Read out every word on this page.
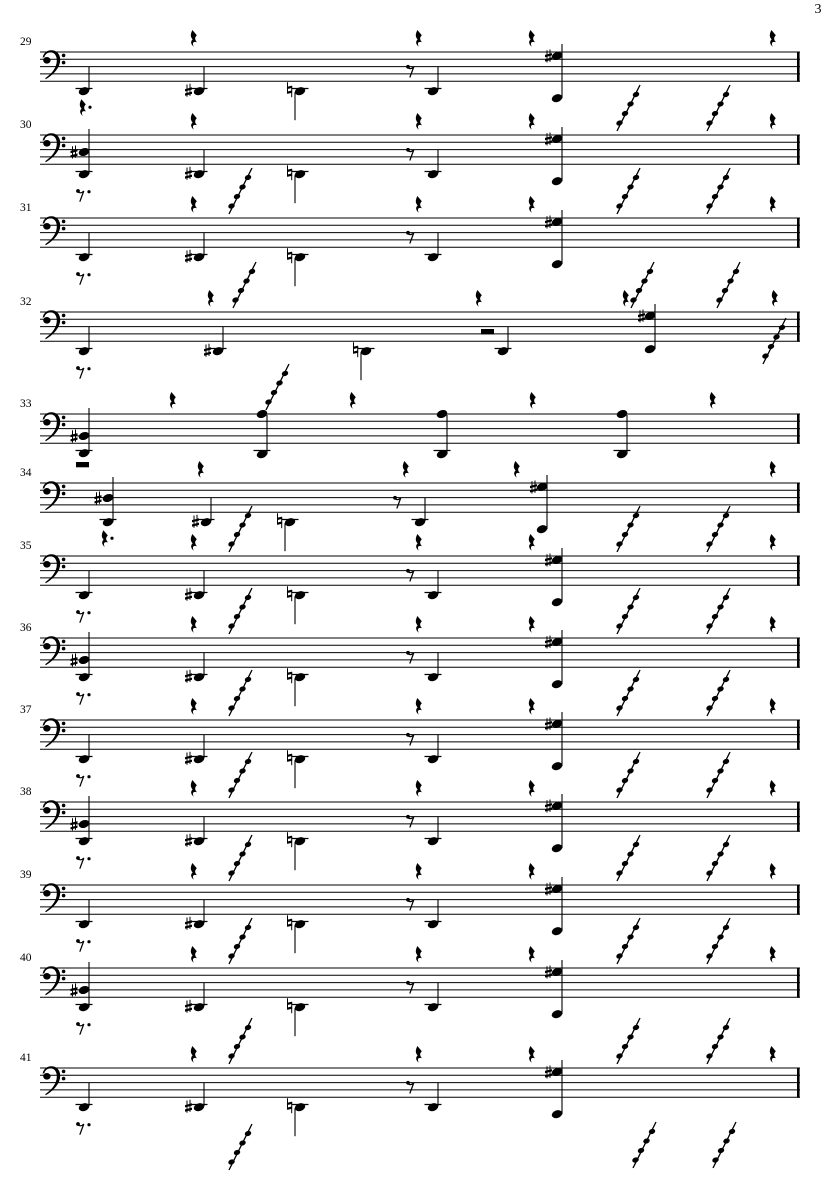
3
29
30
31
32
33
34
35
36
37
38
39
40
41
